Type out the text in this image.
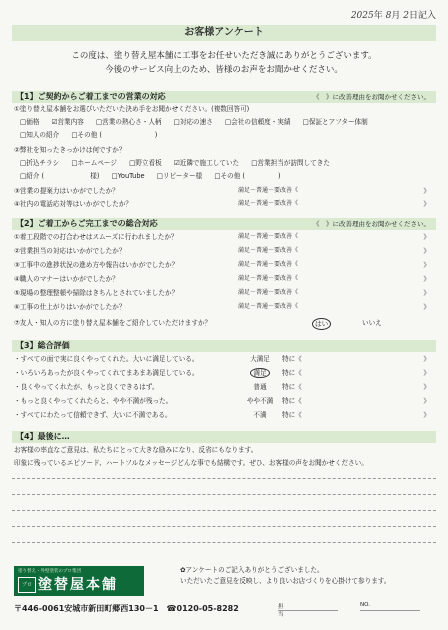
2025年 8月 2日記入
お客様アンケート
この度は、塗り替え屋本舗に工事をお任せいただき誠にありがとうございます。
今後のサービス向上のため、皆様のお声をお聞かせください。
【1】ご契約からご着工までの営業の対応	《　》に改善理由をお聞かせください。
①塗り替え屋本舗をお選びいただいた決め手をお聞かせください。(複数回答可)
□価格 ☑営業内容 □営業の熱心さ・人柄 □対応の速さ □会社の信頼度・実績 □保証とアフター体制
□知人の紹介 □その他 (　　　　　　　　)
②弊社を知ったきっかけは何ですか？
□折込チラシ □ホームページ □野立看板 ☑近隣で施工していた □営業担当が訪問してきた
□紹介 (　　　　　　　様) □YouTube □リピーター様 □その他 (　　　　　)
③営業の提案力はいかがでしたか？	満足－普通－要改善《	》
④社内の電話応対等はいかがでしたか？	満足－普通－要改善《	》
【2】ご着工からご完工までの総合対応	《　》に改善理由をお聞かせください。
①着工段階での打合わせはスムーズに行われましたか？	満足－普通－要改善《	》
②営業担当の対応はいかがでしたか？	満足－普通－要改善《	》
③工事中の進捗状況の進め方や報告はいかがでしたか？	満足－普通－要改善《	》
④職人のマナーはいかがでしたか？	満足－普通－要改善《	》
⑤現場の整理整頓や掃除はきちんとされていましたか？	満足－普通－要改善《	》
⑥工事の仕上がりはいかがでしたか？	満足－普通－要改善《	》
⑦友人・知人の方に塗り替え屋本舗をご紹介していただけますか？	はい	いいえ
【3】総合評価
・すべての面で実に良くやってくれた。大いに満足している。	大満足	特に《	》
・いろいろあったが良くやってくれてまあまあ満足している。	満足	特に《	》
・良くやってくれたが、もっと良くできるはず。	普通	特に《	》
・もっと良くやってくれたらと、やや不満が残った。	やや不満	特に《	》
・すべてにわたって信頼できず、大いに不満である。	不満	特に《	》
【4】最後に…
お客様の率直なご意見は、私たちにとって大きな励みになり、反省にもなります。
印象に残っているエピソード、ハートフルなメッセージどんな事でも結構です。ぜひ、お客様の声をお聞かせください。
塗り替え・外壁塗装のプロ集団
プロ 塗替屋本舗
✿アンケートのご記入ありがとうございました。
いただいたご意見を反映し、より良いお店づくりを心掛けて参ります。
〒446-0061安城市新田町郷西130－1　☎0120-05-8282	担当
NO.
